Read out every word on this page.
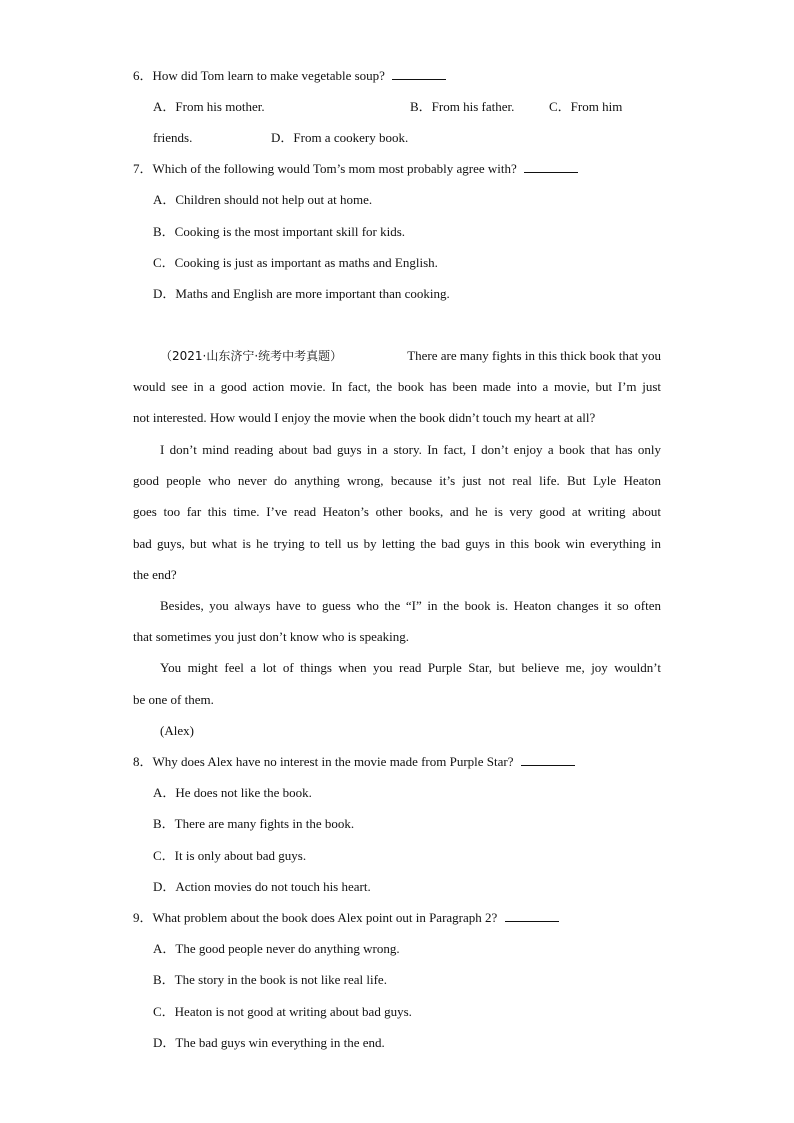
6．How did Tom learn to make vegetable soup?
A．From his mother.	B．From his father.	C．From him
friends.	D．From a cookery book.
7．Which of the following would Tom’s mom most probably agree with?
A．Children should not help out at home.
B．Cooking is the most important skill for kids.
C．Cooking is just as important as maths and English.
D．Maths and English are more important than cooking.
（2021·山东济宁·统考中考真题）	There are many fights in this thick book that you
would see in a good action movie. In fact, the book has been made into a movie, but I’m just
not interested. How would I enjoy the movie when the book didn’t touch my heart at all?
I don’t mind reading about bad guys in a story. In fact, I don’t enjoy a book that has only
good people who never do anything wrong, because it’s just not real life. But Lyle Heaton
goes too far this time. I’ve read Heaton’s other books, and he is very good at writing about
bad guys, but what is he trying to tell us by letting the bad guys in this book win everything in
the end?
Besides, you always have to guess who the “I” in the book is. Heaton changes it so often
that sometimes you just don’t know who is speaking.
You might feel a lot of things when you read Purple Star, but believe me, joy wouldn’t
be one of them.
(Alex)
8．Why does Alex have no interest in the movie made from Purple Star?
A．He does not like the book.
B．There are many fights in the book.
C．It is only about bad guys.
D．Action movies do not touch his heart.
9．What problem about the book does Alex point out in Paragraph 2?
A．The good people never do anything wrong.
B．The story in the book is not like real life.
C．Heaton is not good at writing about bad guys.
D．The bad guys win everything in the end.
